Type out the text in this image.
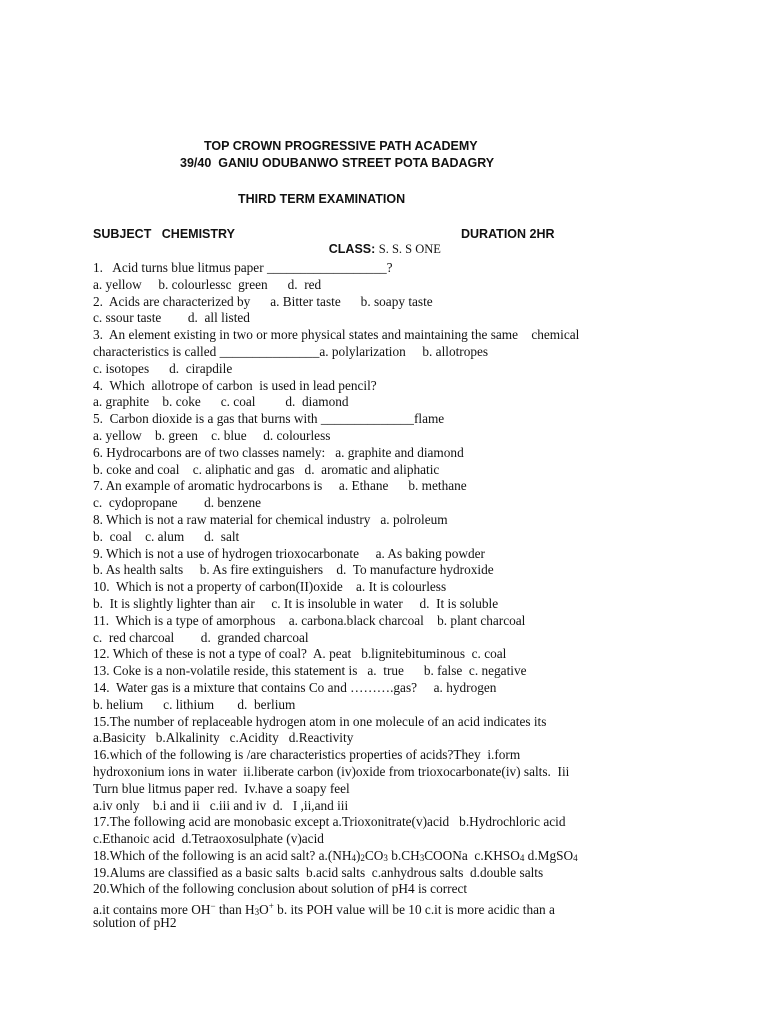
TOP CROWN PROGRESSIVE PATH ACADEMY
39/40  GANIU ODUBANWO STREET POTA BADAGRY
THIRD TERM EXAMINATION
SUBJECT   CHEMISTRY

CLASS: S. S. S ONE

DURATION 2HR
1.   Acid turns blue litmus paper __________________?
a. yellow     b. colourlessc  green      d.  red
2.  Acids are characterized by      a. Bitter taste      b. soapy taste
c. ssour taste        d.  all listed
3.  An element existing in two or more physical states and maintaining the same    chemical
characteristics is called _______________a. polylarization     b. allotropes
c. isotopes      d.  cirapdile
4.  Which  allotrope of carbon  is used in lead pencil?
a. graphite    b. coke      c. coal         d.  diamond
5.  Carbon dioxide is a gas that burns with ______________flame
a. yellow    b. green    c. blue     d. colourless
6. Hydrocarbons are of two classes namely:   a. graphite and diamond
b. coke and coal    c. aliphatic and gas   d.  aromatic and aliphatic
7. An example of aromatic hydrocarbons is     a. Ethane      b. methane
c.  cydopropane        d. benzene
8. Which is not a raw material for chemical industry   a. polroleum
b.  coal    c. alum      d.  salt
9. Which is not a use of hydrogen trioxocarbonate     a. As baking powder
b. As health salts     b. As fire extinguishers    d.  To manufacture hydroxide
10.  Which is not a property of carbon(II)oxide    a. It is colourless
b.  It is slightly lighter than air     c. It is insoluble in water     d.  It is soluble
11.  Which is a type of amorphous    a. carbona.black charcoal    b. plant charcoal
c.  red charcoal        d.  granded charcoal
12. Which of these is not a type of coal?  A. peat   b.lignitebituminous  c. coal
13. Coke is a non-volatile reside, this statement is   a.  true      b. false  c. negative
14.  Water gas is a mixture that contains Co and ……….gas?     a. hydrogen
b. helium      c. lithium       d.  berlium
15.The number of replaceable hydrogen atom in one molecule of an acid indicates its
a.Basicity   b.Alkalinity   c.Acidity   d.Reactivity
16.which of the following is /are characteristics properties of acids?They  i.form
hydroxonium ions in water  ii.liberate carbon (iv)oxide from trioxocarbonate(iv) salts.  Iii
Turn blue litmus paper red.  Iv.have a soapy feel
a.iv only    b.i and ii   c.iii and iv  d.   I ,ii,and iii
17.The following acid are monobasic except a.Trioxonitrate(v)acid   b.Hydrochloric acid
c.Ethanoic acid  d.Tetraoxosulphate (v)acid
18.Which of the following is an acid salt? a.(NH4)2CO3 b.CH3COONa  c.KHSO4 d.MgSO4
19.Alums are classified as a basic salts  b.acid salts  c.anhydrous salts  d.double salts
20.Which of the following conclusion about solution of pH4 is correct
a.it contains more OH− than H3O+ b. its POH value will be 10 c.it is more acidic than a
solution of pH2
